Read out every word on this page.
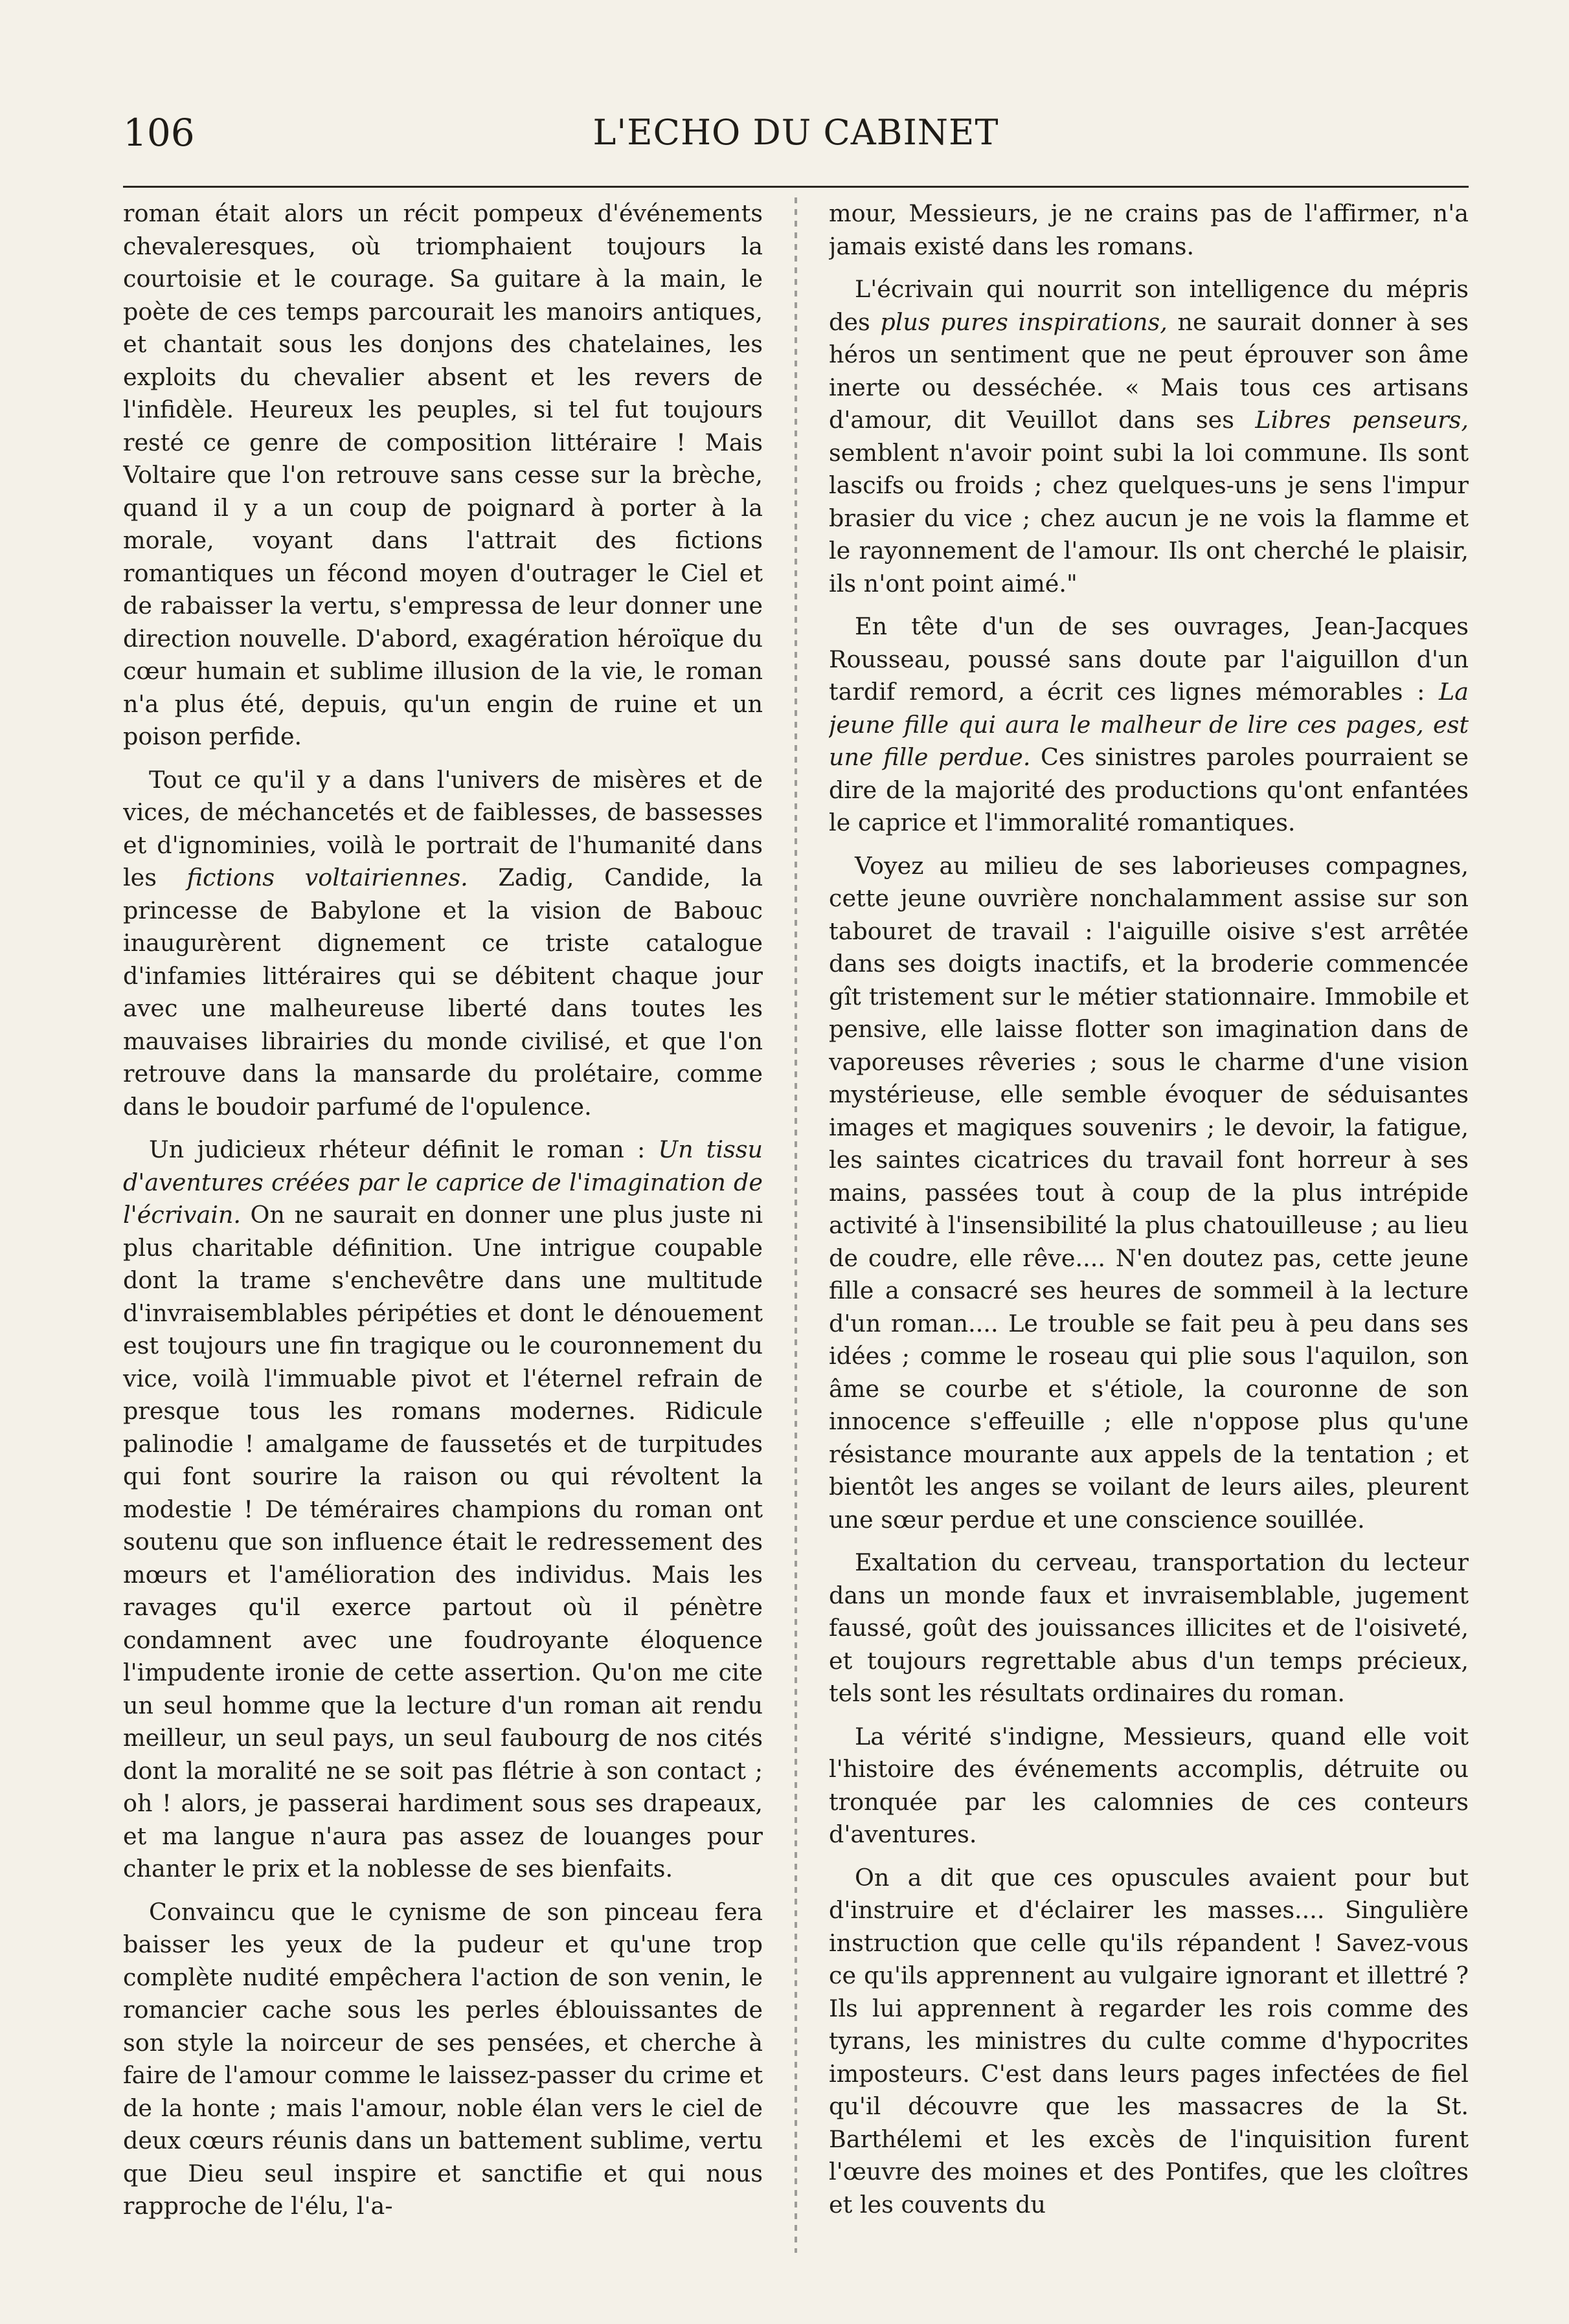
106	L'ECHO DU CABINET

roman était alors un récit pompeux d'événements chevaleresques, où triomphaient toujours la courtoisie et le courage. Sa guitare à la main, le poète de ces temps parcourait les manoirs antiques, et chantait sous les donjons des chatelaines, les exploits du chevalier absent et les revers de l'infidèle. Heureux les peuples, si tel fut toujours resté ce genre de composition littéraire ! Mais Voltaire que l'on retrouve sans cesse sur la brèche, quand il y a un coup de poignard à porter à la morale, voyant dans l'attrait des fictions romantiques un fécond moyen d'outrager le Ciel et de rabaisser la vertu, s'empressa de leur donner une direction nouvelle. D'abord, exagération héroïque du cœur humain et sublime illusion de la vie, le roman n'a plus été, depuis, qu'un engin de ruine et un poison perfide.

Tout ce qu'il y a dans l'univers de misères et de vices, de méchancetés et de faiblesses, de bassesses et d'ignominies, voilà le portrait de l'humanité dans les fictions voltairiennes. Zadig, Candide, la princesse de Babylone et la vision de Babouc inaugurèrent dignement ce triste catalogue d'infamies littéraires qui se débitent chaque jour avec une malheureuse liberté dans toutes les mauvaises librairies du monde civilisé, et que l'on retrouve dans la mansarde du prolétaire, comme dans le boudoir parfumé de l'opulence.

Un judicieux rhéteur définit le roman : Un tissu d'aventures créées par le caprice de l'imagination de l'écrivain. On ne saurait en donner une plus juste ni plus charitable définition. Une intrigue coupable dont la trame s'enchevêtre dans une multitude d'invraisemblables péripéties et dont le dénouement est toujours une fin tragique ou le couronnement du vice, voilà l'immuable pivot et l'éternel refrain de presque tous les romans modernes. Ridicule palinodie ! amalgame de faussetés et de turpitudes qui font sourire la raison ou qui révoltent la modestie ! De téméraires champions du roman ont soutenu que son influence était le redressement des mœurs et l'amélioration des individus. Mais les ravages qu'il exerce partout où il pénètre condamnent avec une foudroyante éloquence l'impudente ironie de cette assertion. Qu'on me cite un seul homme que la lecture d'un roman ait rendu meilleur, un seul pays, un seul faubourg de nos cités dont la moralité ne se soit pas flétrie à son contact ; oh ! alors, je passerai hardiment sous ses drapeaux, et ma langue n'aura pas assez de louanges pour chanter le prix et la noblesse de ses bienfaits.

Convaincu que le cynisme de son pinceau fera baisser les yeux de la pudeur et qu'une trop complète nudité empêchera l'action de son venin, le romancier cache sous les perles éblouissantes de son style la noirceur de ses pensées, et cherche à faire de l'amour comme le laissez-passer du crime et de la honte ; mais l'amour, noble élan vers le ciel de deux cœurs réunis dans un battement sublime, vertu que Dieu seul inspire et sanctifie et qui nous rapproche de l'élu, l'a-

mour, Messieurs, je ne crains pas de l'affirmer, n'a jamais existé dans les romans.

L'écrivain qui nourrit son intelligence du mépris des plus pures inspirations, ne saurait donner à ses héros un sentiment que ne peut éprouver son âme inerte ou desséchée. « Mais tous ces artisans d'amour, dit Veuillot dans ses Libres penseurs, semblent n'avoir point subi la loi commune. Ils sont lascifs ou froids ; chez quelques-uns je sens l'impur brasier du vice ; chez aucun je ne vois la flamme et le rayonnement de l'amour. Ils ont cherché le plaisir, ils n'ont point aimé."

En tête d'un de ses ouvrages, Jean-Jacques Rousseau, poussé sans doute par l'aiguillon d'un tardif remord, a écrit ces lignes mémorables : La jeune fille qui aura le malheur de lire ces pages, est une fille perdue. Ces sinistres paroles pourraient se dire de la majorité des productions qu'ont enfantées le caprice et l'immoralité romantiques.

Voyez au milieu de ses laborieuses compagnes, cette jeune ouvrière nonchalamment assise sur son tabouret de travail : l'aiguille oisive s'est arrêtée dans ses doigts inactifs, et la broderie commencée gît tristement sur le métier stationnaire. Immobile et pensive, elle laisse flotter son imagination dans de vaporeuses rêveries ; sous le charme d'une vision mystérieuse, elle semble évoquer de séduisantes images et magiques souvenirs ; le devoir, la fatigue, les saintes cicatrices du travail font horreur à ses mains, passées tout à coup de la plus intrépide activité à l'insensibilité la plus chatouilleuse ; au lieu de coudre, elle rêve.... N'en doutez pas, cette jeune fille a consacré ses heures de sommeil à la lecture d'un roman.... Le trouble se fait peu à peu dans ses idées ; comme le roseau qui plie sous l'aquilon, son âme se courbe et s'étiole, la couronne de son innocence s'effeuille ; elle n'oppose plus qu'une résistance mourante aux appels de la tentation ; et bientôt les anges se voilant de leurs ailes, pleurent une sœur perdue et une conscience souillée.

Exaltation du cerveau, transportation du lecteur dans un monde faux et invraisemblable, jugement faussé, goût des jouissances illicites et de l'oisiveté, et toujours regrettable abus d'un temps précieux, tels sont les résultats ordinaires du roman.

La vérité s'indigne, Messieurs, quand elle voit l'histoire des événements accomplis, détruite ou tronquée par les calomnies de ces conteurs d'aventures.

On a dit que ces opuscules avaient pour but d'instruire et d'éclairer les masses.... Singulière instruction que celle qu'ils répandent ! Savez-vous ce qu'ils apprennent au vulgaire ignorant et illettré ? Ils lui apprennent à regarder les rois comme des tyrans, les ministres du culte comme d'hypocrites imposteurs. C'est dans leurs pages infectées de fiel qu'il découvre que les massacres de la St. Barthélemi et les excès de l'inquisition furent l'œuvre des moines et des Pontifes, que les cloîtres et les couvents du
